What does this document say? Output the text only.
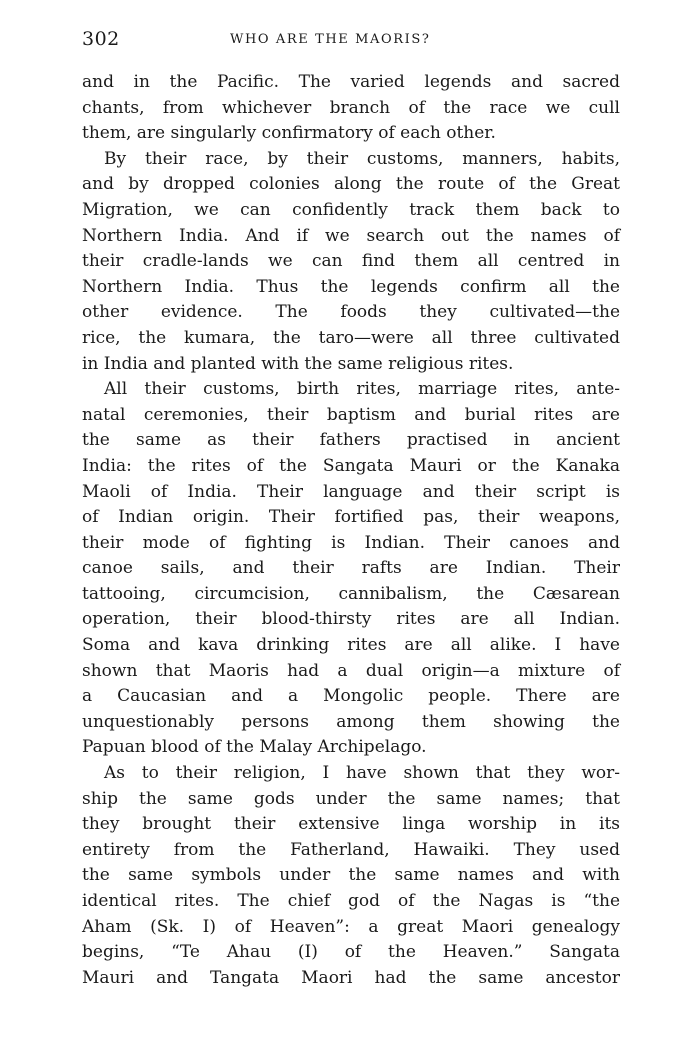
302	WHO ARE THE MAORIS?
and in the Pacific. The varied legends and sacred
chants, from whichever branch of the race we cull
them, are singularly confirmatory of each other.
By their race, by their customs, manners, habits,
and by dropped colonies along the route of the Great
Migration, we can confidently track them back to
Northern India. And if we search out the names of
their cradle-lands we can find them all centred in
Northern India. Thus the legends confirm all the
other evidence. The foods they cultivated—the
rice, the kumara, the taro—were all three cultivated
in India and planted with the same religious rites.
All their customs, birth rites, marriage rites, ante-
natal ceremonies, their baptism and burial rites are
the same as their fathers practised in ancient
India: the rites of the Sangata Mauri or the Kanaka
Maoli of India. Their language and their script is
of Indian origin. Their fortified pas, their weapons,
their mode of fighting is Indian. Their canoes and
canoe sails, and their rafts are Indian. Their
tattooing, circumcision, cannibalism, the Cæsarean
operation, their blood-thirsty rites are all Indian.
Soma and kava drinking rites are all alike. I have
shown that Maoris had a dual origin—a mixture of
a Caucasian and a Mongolic people. There are
unquestionably persons among them showing the
Papuan blood of the Malay Archipelago.
As to their religion, I have shown that they wor-
ship the same gods under the same names; that
they brought their extensive linga worship in its
entirety from the Fatherland, Hawaiki. They used
the same symbols under the same names and with
identical rites. The chief god of the Nagas is “the
Aham (Sk. I) of Heaven”: a great Maori genealogy
begins, “Te Ahau (I) of the Heaven.” Sangata
Mauri and Tangata Maori had the same ancestor
